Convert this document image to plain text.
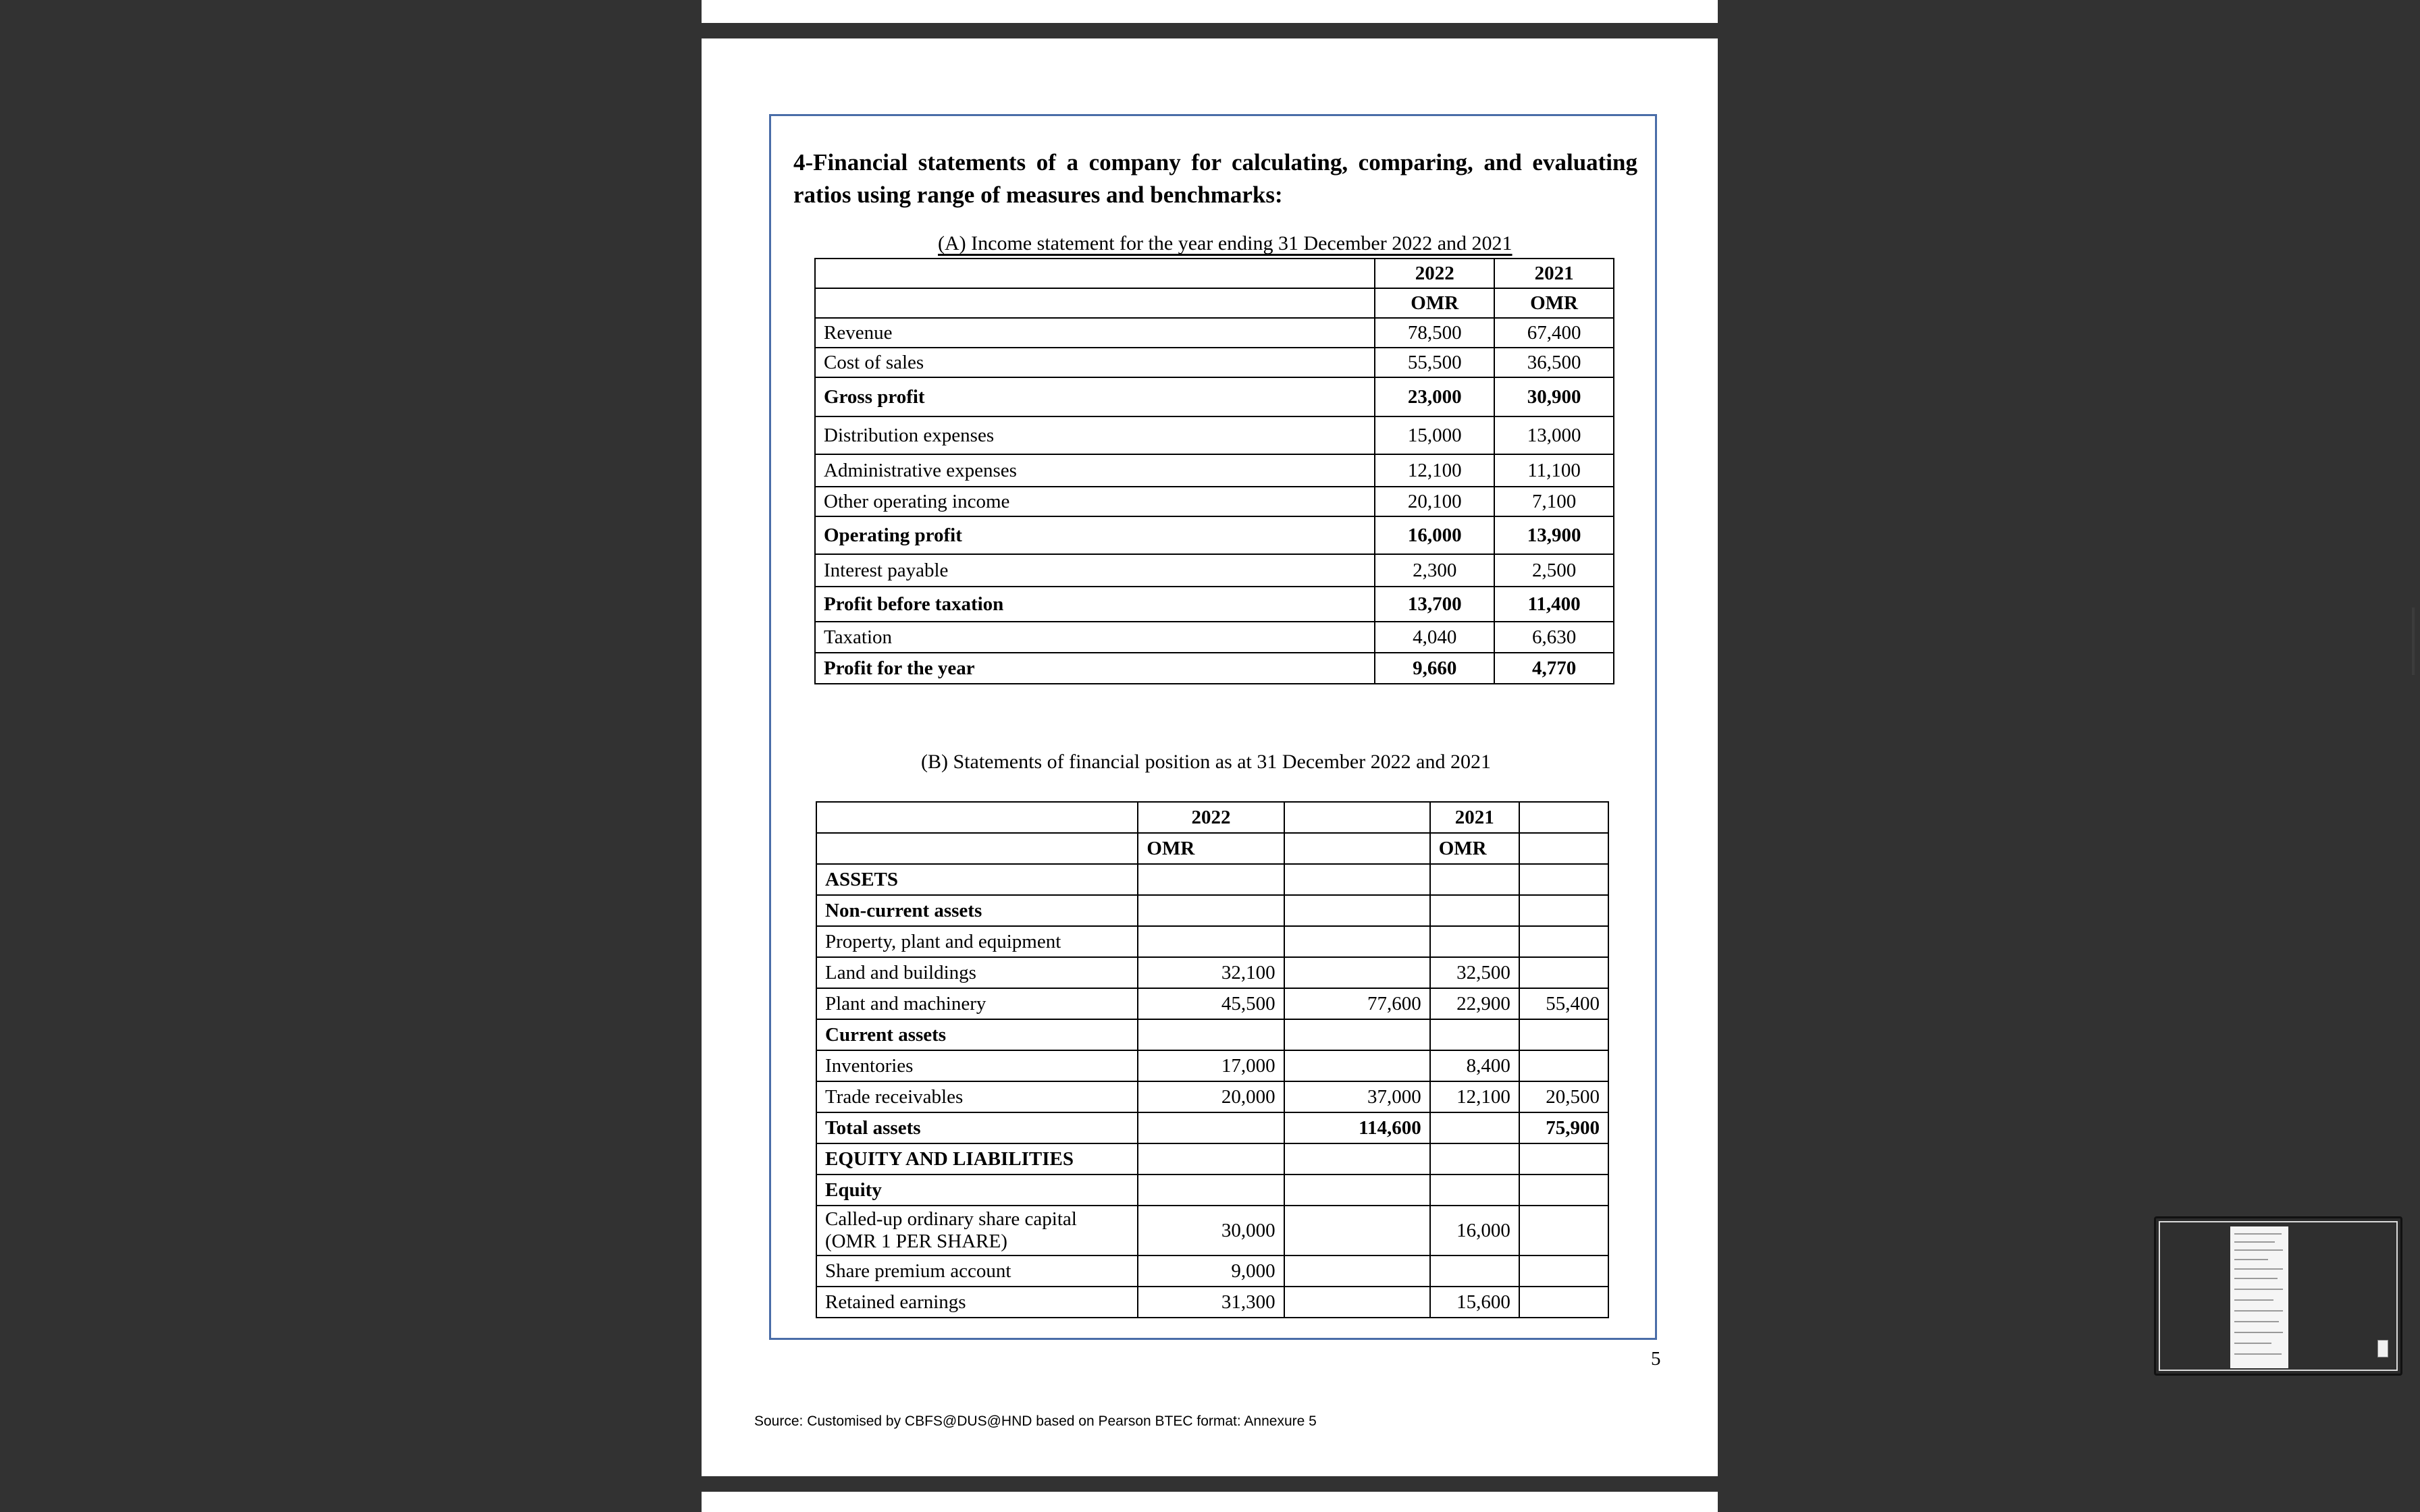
4-Financial statements of a company for calculating, comparing, and evaluating ratios using range of measures and benchmarks:
(A) Income statement for the year ending 31 December 2022 and 2021
	2022	2021
	OMR	OMR
Revenue	78,500	67,400
Cost of sales	55,500	36,500
Gross profit	23,000	30,900
Distribution expenses	15,000	13,000
Administrative expenses	12,100	11,100
Other operating income	20,100	7,100
Operating profit	16,000	13,900
Interest payable	2,300	2,500
Profit before taxation	13,700	11,400
Taxation	4,040	6,630
Profit for the year	9,660	4,770
(B) Statements of financial position as at 31 December 2022 and 2021
	2022		2021	
	OMR		OMR	
ASSETS				
Non-current assets				
Property, plant and equipment				
Land and buildings	32,100		32,500	
Plant and machinery	45,500	77,600	22,900	55,400
Current assets				
Inventories	17,000		8,400	
Trade receivables	20,000	37,000	12,100	20,500
Total assets		114,600		75,900
EQUITY AND LIABILITIES				
Equity				
Called-up ordinary share capital (OMR 1 PER SHARE)	30,000		16,000	
Share premium account	9,000			
Retained earnings	31,300		15,600	
5
Source: Customised by CBFS@DUS@HND based on Pearson BTEC format: Annexure 5
